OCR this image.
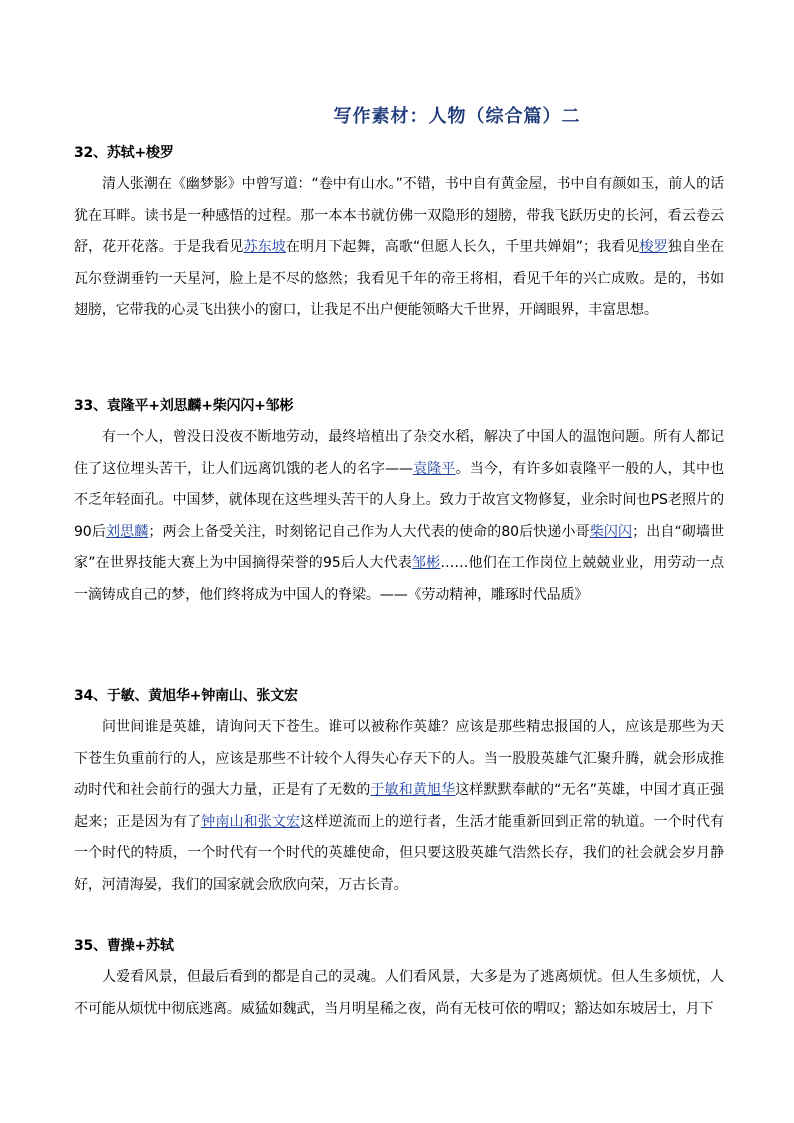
写作素材：人物（综合篇）二
32、苏轼+梭罗

清人张潮在《幽梦影》中曾写道：“卷中有山水。”不错，书中自有黄金屋，书中自有颜如玉，前人的话犹在耳畔。读书是一种感悟的过程。那一本本书就仿佛一双隐形的翅膀，带我飞跃历史的长河，看云卷云舒，花开花落。于是我看见苏东坡在明月下起舞，高歌“但愿人长久，千里共婵娟”；我看见梭罗独自坐在瓦尔登湖垂钓一天星河，脸上是不尽的悠然；我看见千年的帝王将相，看见千年的兴亡成败。是的，书如翅膀，它带我的心灵飞出狭小的窗口，让我足不出户便能领略大千世界，开阔眼界，丰富思想。

33、袁隆平+刘思麟+柴闪闪+邹彬

有一个人，曾没日没夜不断地劳动，最终培植出了杂交水稻，解决了中国人的温饱问题。所有人都记住了这位埋头苦干，让人们远离饥饿的老人的名字——袁隆平。当今，有许多如袁隆平一般的人，其中也不乏年轻面孔。中国梦，就体现在这些埋头苦干的人身上。致力于故宫文物修复，业余时间也PS老照片的90后刘思麟；两会上备受关注，时刻铭记自己作为人大代表的使命的80后快递小哥柴闪闪；出自“砌墙世家”在世界技能大赛上为中国摘得荣誉的95后人大代表邹彬……他们在工作岗位上兢兢业业，用劳动一点一滴铸成自己的梦，他们终将成为中国人的脊梁。——《劳动精神，雕琢时代品质》

34、于敏、黄旭华+钟南山、张文宏

问世间谁是英雄，请询问天下苍生。谁可以被称作英雄？应该是那些精忠报国的人，应该是那些为天下苍生负重前行的人，应该是那些不计较个人得失心存天下的人。当一股股英雄气汇聚升腾，就会形成推动时代和社会前行的强大力量，正是有了无数的于敏和黄旭华这样默默奉献的“无名”英雄，中国才真正强起来；正是因为有了钟南山和张文宏这样逆流而上的逆行者，生活才能重新回到正常的轨道。一个时代有一个时代的特质，一个时代有一个时代的英雄使命，但只要这股英雄气浩然长存，我们的社会就会岁月静好，河清海晏，我们的国家就会欣欣向荣，万古长青。

35、曹操+苏轼

人爱看风景，但最后看到的都是自己的灵魂。人们看风景，大多是为了逃离烦忧。但人生多烦忧，人不可能从烦忧中彻底逃离。威猛如魏武，当月明星稀之夜，尚有无枝可依的喟叹；豁达如东坡居士，月下
